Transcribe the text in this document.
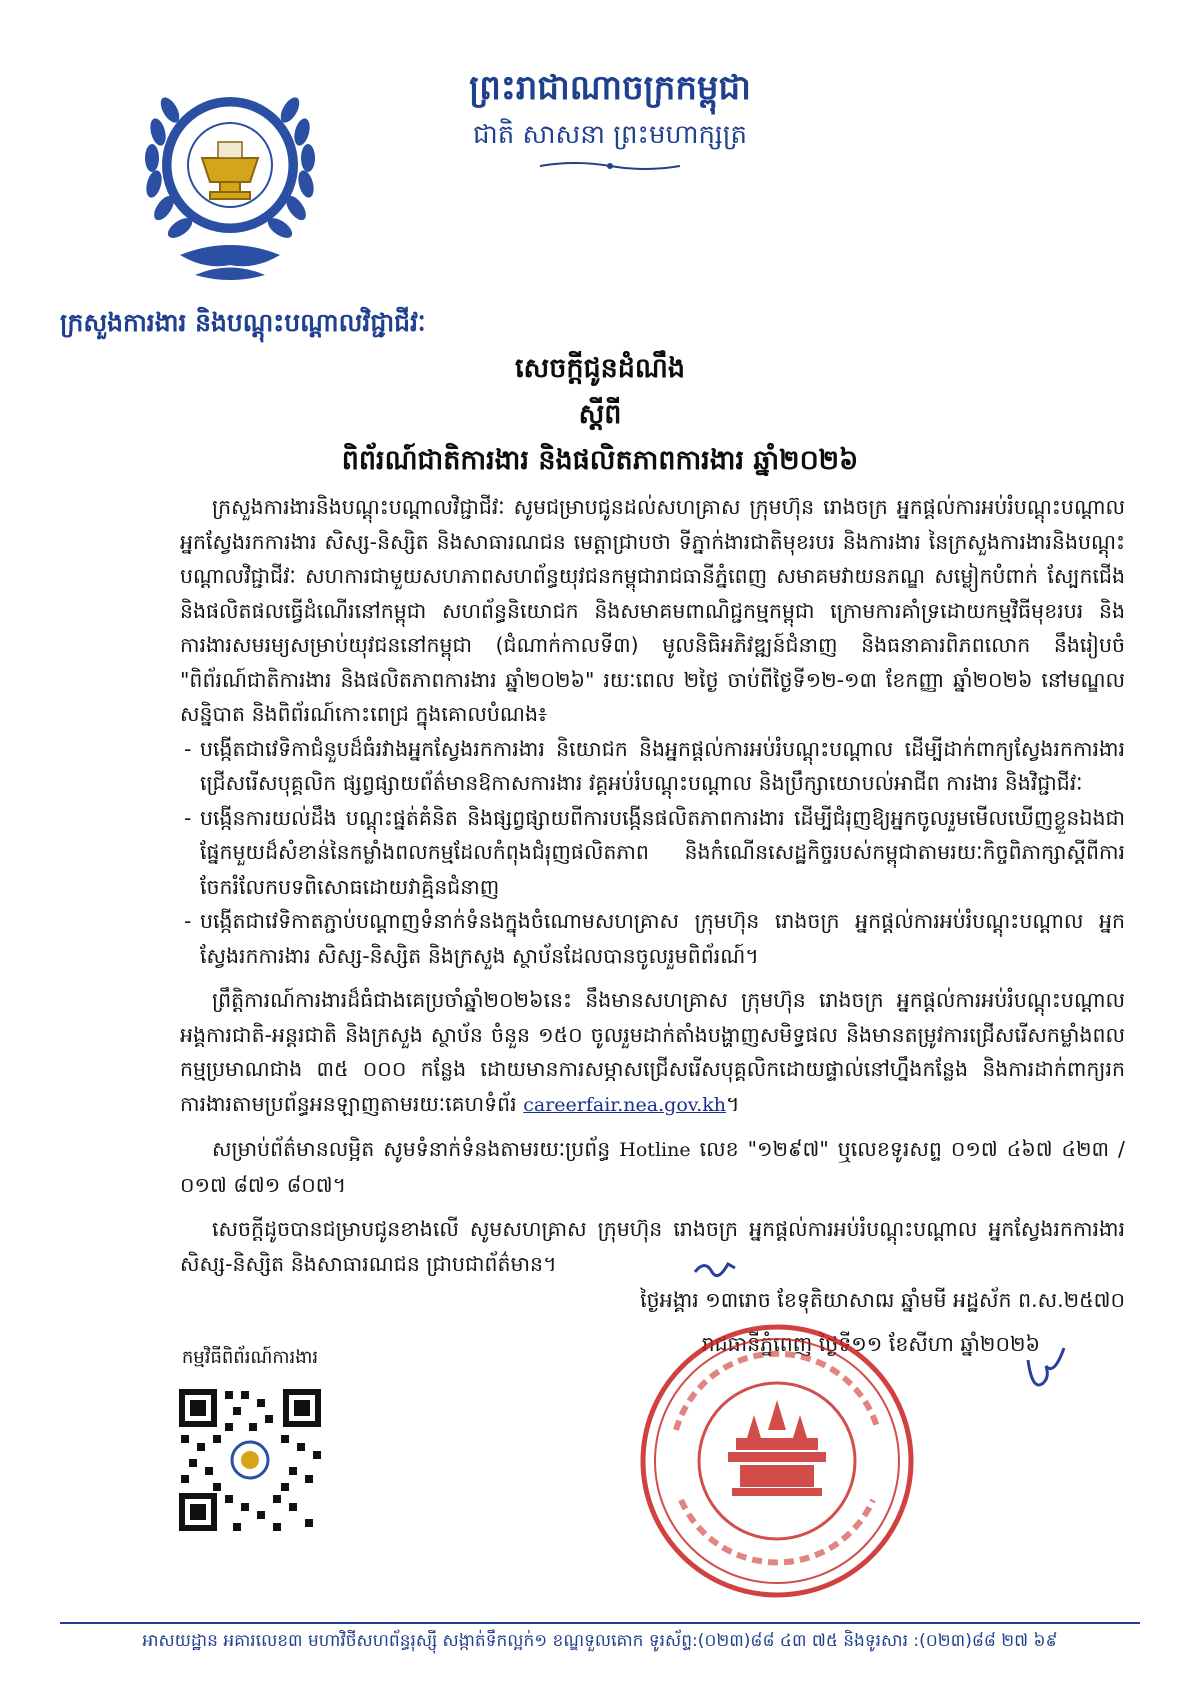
ក្រសួងការងារ និងបណ្តុះបណ្តាលវិជ្ជាជីវៈ
ព្រះរាជាណាចក្រកម្ពុជា
ជាតិ សាសនា ព្រះមហាក្សត្រ
សេចក្តីជូនដំណឹង
ស្តីពី
ពិព័រណ៍ជាតិការងារ និងផលិតភាពការងារ ឆ្នាំ២០២៦

ក្រសួងការងារនិងបណ្តុះបណ្តាលវិជ្ជាជីវៈ សូមជម្រាបជូនដល់សហគ្រាស ក្រុមហ៊ុន រោងចក្រ អ្នកផ្តល់ការអប់រំបណ្តុះបណ្តាល អ្នកស្វែងរកការងារ សិស្ស-និស្សិត និងសាធារណជន មេត្តាជ្រាបថា ទីភ្នាក់ងារជាតិមុខរបរ និងការងារ នៃក្រសួងការងារនិងបណ្តុះបណ្តាលវិជ្ជាជីវៈ សហការជាមួយសហភាពសហព័ន្ធយុវជនកម្ពុជារាជធានីភ្នំពេញ សមាគមវាយនភណ្ឌ សម្លៀកបំពាក់ ស្បែកជើង និងផលិតផលធ្វើដំណើរនៅកម្ពុជា សហព័ន្ធនិយោជក និងសមាគមពាណិជ្ជកម្មកម្ពុជា ក្រោមការគាំទ្រដោយកម្មវិធីមុខរបរ និងការងារសមរម្យសម្រាប់យុវជននៅកម្ពុជា (ជំណាក់កាលទី៣) មូលនិធិអភិវឌ្ឍន៍ជំនាញ និងធនាគារពិភពលោក នឹងរៀបចំ "ពិព័រណ៍ជាតិការងារ និងផលិតភាពការងារ ឆ្នាំ២០២៦" រយៈពេល ២ថ្ងៃ ចាប់ពីថ្ងៃទី១២-១៣ ខែកញ្ញា ឆ្នាំ២០២៦ នៅមណ្ឌលសន្និបាត និងពិព័រណ៍កោះពេជ្រ ក្នុងគោលបំណង៖

- បង្កើតជាវេទិកាជំនួបដ៏ធំរវាងអ្នកស្វែងរកការងារ និយោជក និងអ្នកផ្តល់ការអប់រំបណ្តុះបណ្តាល ដើម្បីដាក់ពាក្យស្វែងរកការងារ ជ្រើសរើសបុគ្គលិក ផ្សព្វផ្សាយព័ត៌មានឱកាសការងារ វគ្គអប់រំបណ្តុះបណ្តាល និងប្រឹក្សាយោបល់អាជីព ការងារ និងវិជ្ជាជីវៈ
- បង្កើនការយល់ដឹង បណ្តុះផ្នត់គំនិត និងផ្សព្វផ្សាយពីការបង្កើនផលិតភាពការងារ ដើម្បីជំរុញឱ្យអ្នកចូលរួមមើលឃើញខ្លួនឯងជាផ្នែកមួយដ៏សំខាន់នៃកម្លាំងពលកម្មដែលកំពុងជំរុញផលិតភាព និងកំណើនសេដ្ឋកិច្ចរបស់កម្ពុជាតាមរយៈកិច្ចពិភាក្សាស្តីពីការចែករំលែកបទពិសោធដោយវាគ្មិនជំនាញ
- បង្កើតជាវេទិកាតភ្ជាប់បណ្តាញទំនាក់ទំនងក្នុងចំណោមសហគ្រាស ក្រុមហ៊ុន រោងចក្រ អ្នកផ្តល់ការអប់រំបណ្តុះបណ្តាល អ្នកស្វែងរកការងារ សិស្ស-និស្សិត និងក្រសួង ស្ថាប័នដែលបានចូលរួមពិព័រណ៍។

ព្រឹត្តិការណ៍ការងារដ៏ធំជាងគេប្រចាំឆ្នាំ២០២៦នេះ នឹងមានសហគ្រាស ក្រុមហ៊ុន រោងចក្រ អ្នកផ្តល់ការអប់រំបណ្តុះបណ្តាល អង្គការជាតិ-អន្តរជាតិ និងក្រសួង ស្ថាប័ន ចំនួន ១៥០ ចូលរួមដាក់តាំងបង្ហាញសមិទ្ធផល និងមានតម្រូវការជ្រើសរើសកម្លាំងពលកម្មប្រមាណជាង ៣៥ ០០០ កន្លែង ដោយមានការសម្ភាសជ្រើសរើសបុគ្គលិកដោយផ្ទាល់នៅហ្នឹងកន្លែង និងការដាក់ពាក្យរកការងារតាមប្រព័ន្ធអនឡាញតាមរយៈគេហទំព័រ careerfair.nea.gov.kh។

សម្រាប់ព័ត៌មានលម្អិត សូមទំនាក់ទំនងតាមរយៈប្រព័ន្ធ Hotline លេខ "១២៩៧" ឬលេខទូរសព្ទ ០១៧ ៤៦៧ ៤២៣ /០១៧ ៨៧១ ៨០៧។

សេចក្តីដូចបានជម្រាបជូនខាងលើ សូមសហគ្រាស ក្រុមហ៊ុន រោងចក្រ អ្នកផ្តល់ការអប់រំបណ្តុះបណ្តាល អ្នកស្វែងរកការងារ សិស្ស-និស្សិត និងសាធារណជន ជ្រាបជាព័ត៌មាន។

ថ្ងៃអង្គារ ១៣រោច ខែទុតិយាសាឍ ឆ្នាំមមី អដ្ឋស័ក ព.ស.២៥៧០
រាជធានីភ្នំពេញ ថ្ងៃទី១១ ខែសីហា ឆ្នាំ២០២៦
កម្មវិធីពិព័រណ៍ការងារ
អាសយដ្ឋាន អគារលេខ៣ មហាវិថីសហព័ន្ធរុស្ស៊ី សង្កាត់ទឹកល្អក់១ ខណ្ឌទួលគោក ទូរស័ព្ទ:(០២៣)៨៨ ៤៣ ៧៥ និងទូរសារ :(០២៣)៨៨ ២៧ ៦៩
